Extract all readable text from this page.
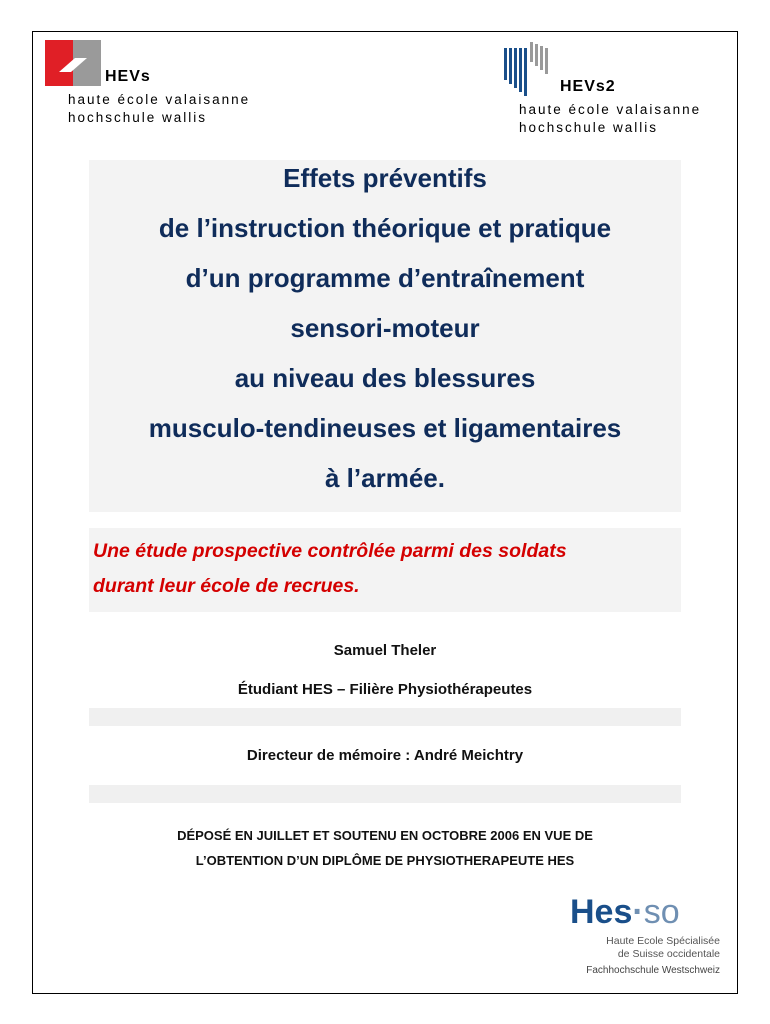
HEVs
haute école valaisanne
hochschule wallis
HEVs2
haute école valaisanne
hochschule wallis
Effets préventifs
de l’instruction théorique et pratique
d’un programme d’entraînement
sensori-moteur
au niveau des blessures
musculo-tendineuses et ligamentaires
à l’armée.
Une étude prospective contrôlée parmi des soldats
durant leur école de recrues.
Samuel Theler
Étudiant HES – Filière Physiothérapeutes
Directeur de mémoire : André Meichtry
DÉPOSÉ EN JUILLET ET SOUTENU EN OCTOBRE 2006 EN VUE DE
L’OBTENTION D’UN DIPLÔME DE PHYSIOTHERAPEUTE HES
Hes·so
Haute Ecole Spécialisée
de Suisse occidentale
Fachhochschule Westschweiz
